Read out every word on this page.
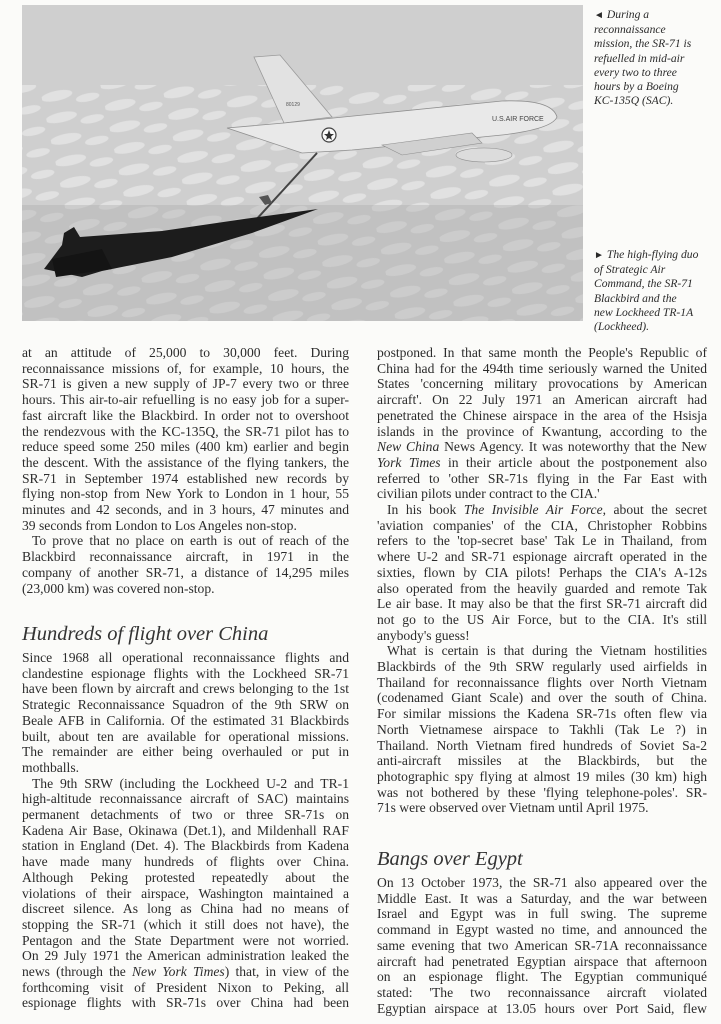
U.S.AIR FORCE
80129
◄ During a
reconnaissance
mission, the SR-71 is
refuelled in mid-air
every two to three
hours by a Boeing
KC-135Q (SAC).
► The high-flying duo
of Strategic Air
Command, the SR-71
Blackbird and the
new Lockheed TR-1A
(Lockheed).
at an attitude of 25,000 to 30,000 feet. During
reconnaissance missions of, for example, 10 hours, the
SR-71 is given a new supply of JP-7 every two or three
hours. This air-to-air refuelling is no easy job for a super-
fast aircraft like the Blackbird. In order not to overshoot
the rendezvous with the KC-135Q, the SR-71 pilot has to
reduce speed some 250 miles (400 km) earlier and begin
the descent. With the assistance of the flying tankers, the
SR-71 in September 1974 established new records by
flying non-stop from New York to London in 1 hour, 55
minutes and 42 seconds, and in 3 hours, 47 minutes and
39 seconds from London to Los Angeles non-stop.
To prove that no place on earth is out of reach of the
Blackbird reconnaissance aircraft, in 1971 in the
company of another SR-71, a distance of 14,295 miles
(23,000 km) was covered non-stop.
Hundreds of flight over China
Since 1968 all operational reconnaissance flights and
clandestine espionage flights with the Lockheed SR-71
have been flown by aircraft and crews belonging to the 1st
Strategic Reconnaissance Squadron of the 9th SRW on
Beale AFB in California. Of the estimated 31 Blackbirds
built, about ten are available for operational missions.
The remainder are either being overhauled or put in
mothballs.
The 9th SRW (including the Lockheed U-2 and TR-1
high-altitude reconnaissance aircraft of SAC) maintains
permanent detachments of two or three SR-71s on
Kadena Air Base, Okinawa (Det.1), and Mildenhall RAF
station in England (Det. 4). The Blackbirds from Kadena
have made many hundreds of flights over China.
Although Peking protested repeatedly about the
violations of their airspace, Washington maintained a
discreet silence. As long as China had no means of
stopping the SR-71 (which it still does not have), the
Pentagon and the State Department were not worried.
On 29 July 1971 the American administration leaked the
news (through the New York Times) that, in view of the
forthcoming visit of President Nixon to Peking, all
espionage flights with SR-71s over China had been
postponed. In that same month the People's Republic of
China had for the 494th time seriously warned the United
States 'concerning military provocations by American
aircraft'. On 22 July 1971 an American aircraft had
penetrated the Chinese airspace in the area of the Hsisja
islands in the province of Kwantung, according to the
New China News Agency. It was noteworthy that the New
York Times in their article about the postponement also
referred to 'other SR-71s flying in the Far East with
civilian pilots under contract to the CIA.'
In his book The Invisible Air Force, about the secret
'aviation companies' of the CIA, Christopher Robbins
refers to the 'top-secret base' Tak Le in Thailand, from
where U-2 and SR-71 espionage aircraft operated in the
sixties, flown by CIA pilots! Perhaps the CIA's A-12s
also operated from the heavily guarded and remote Tak
Le air base. It may also be that the first SR-71 aircraft did
not go to the US Air Force, but to the CIA. It's still
anybody's guess!
What is certain is that during the Vietnam hostilities
Blackbirds of the 9th SRW regularly used airfields in
Thailand for reconnaissance flights over North Vietnam
(codenamed Giant Scale) and over the south of China.
For similar missions the Kadena SR-71s often flew via
North Vietnamese airspace to Takhli (Tak Le ?) in
Thailand. North Vietnam fired hundreds of Soviet Sa-2
anti-aircraft missiles at the Blackbirds, but the
photographic spy flying at almost 19 miles (30 km) high
was not bothered by these 'flying telephone-poles'. SR-
71s were observed over Vietnam until April 1975.
Bangs over Egypt
On 13 October 1973, the SR-71 also appeared over the
Middle East. It was a Saturday, and the war between
Israel and Egypt was in full swing. The supreme
command in Egypt wasted no time, and announced the
same evening that two American SR-71A reconnaissance
aircraft had penetrated Egyptian airspace that afternoon
on an espionage flight. The Egyptian communiqué
stated: 'The two reconnaissance aircraft violated
Egyptian airspace at 13.05 hours over Port Said, flew
